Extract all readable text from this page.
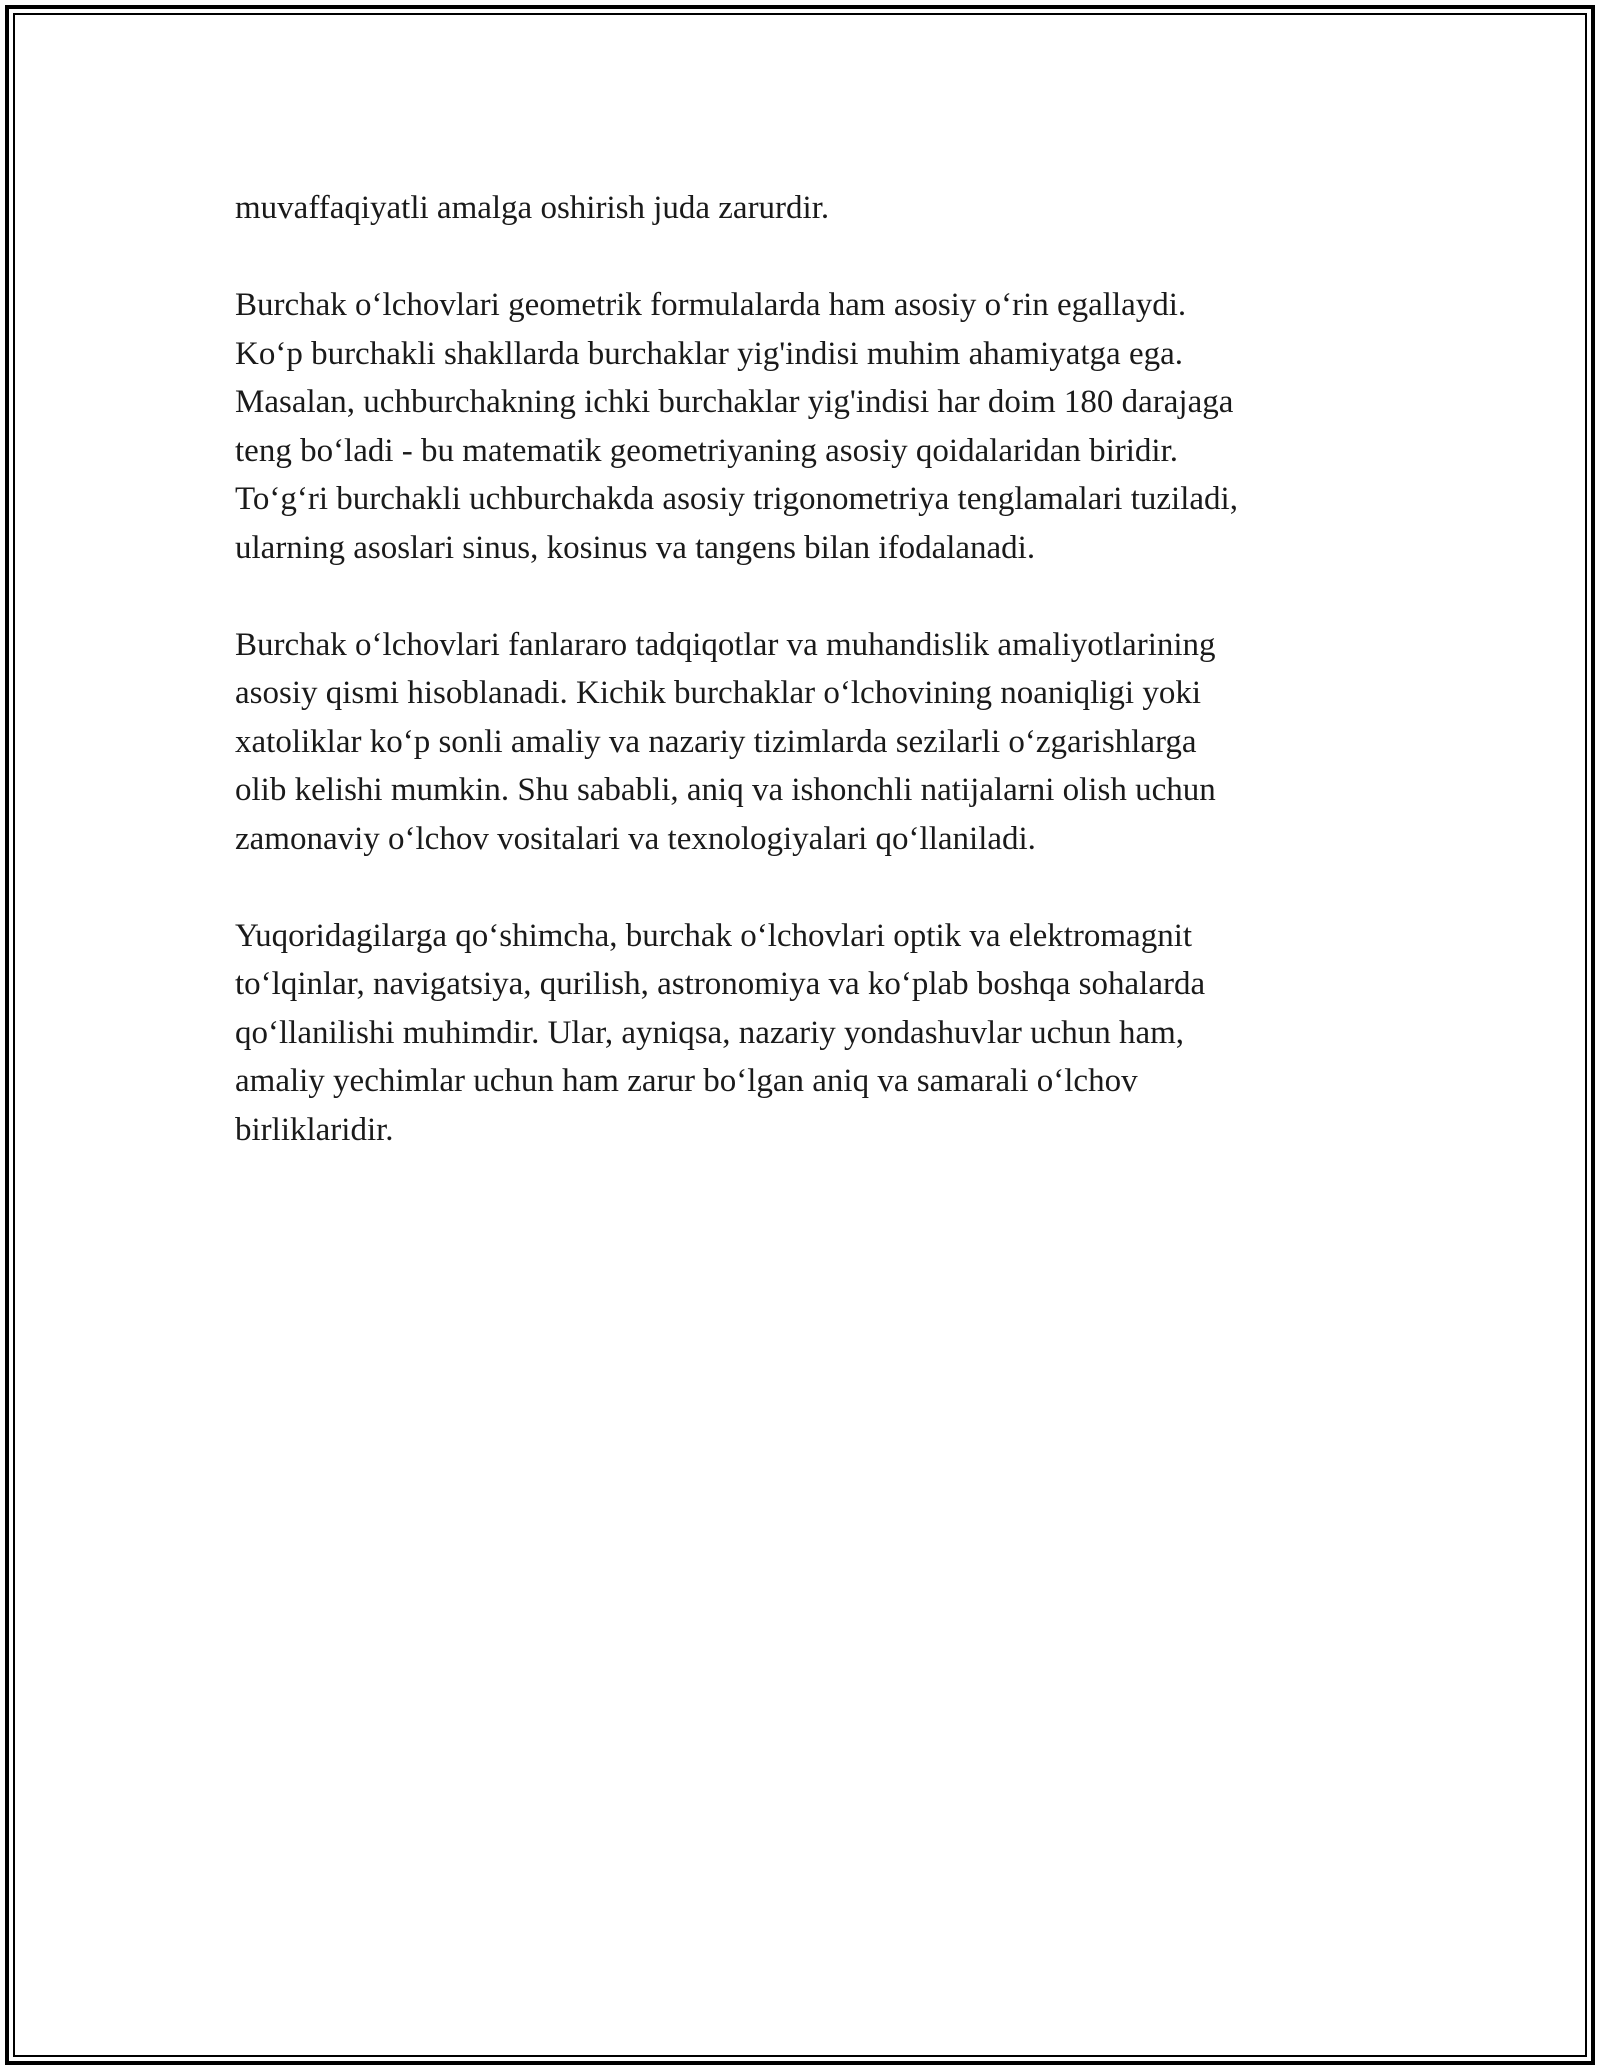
muvaffaqiyatli amalga oshirish juda zarurdir.
Burchak o‘lchovlari geometrik formulalarda ham asosiy o‘rin egallaydi.
Ko‘p burchakli shakllarda burchaklar yig'indisi muhim ahamiyatga ega.
Masalan, uchburchakning ichki burchaklar yig'indisi har doim 180 darajaga
teng bo‘ladi - bu matematik geometriyaning asosiy qoidalaridan biridir.
To‘g‘ri burchakli uchburchakda asosiy trigonometriya tenglamalari tuziladi,
ularning asoslari sinus, kosinus va tangens bilan ifodalanadi.
Burchak o‘lchovlari fanlararo tadqiqotlar va muhandislik amaliyotlarining
asosiy qismi hisoblanadi. Kichik burchaklar o‘lchovining noaniqligi yoki
xatoliklar ko‘p sonli amaliy va nazariy tizimlarda sezilarli o‘zgarishlarga
olib kelishi mumkin. Shu sababli, aniq va ishonchli natijalarni olish uchun
zamonaviy o‘lchov vositalari va texnologiyalari qo‘llaniladi.
Yuqoridagilarga qo‘shimcha, burchak o‘lchovlari optik va elektromagnit
to‘lqinlar, navigatsiya, qurilish, astronomiya va ko‘plab boshqa sohalarda
qo‘llanilishi muhimdir. Ular, ayniqsa, nazariy yondashuvlar uchun ham,
amaliy yechimlar uchun ham zarur bo‘lgan aniq va samarali o‘lchov
birliklaridir.
